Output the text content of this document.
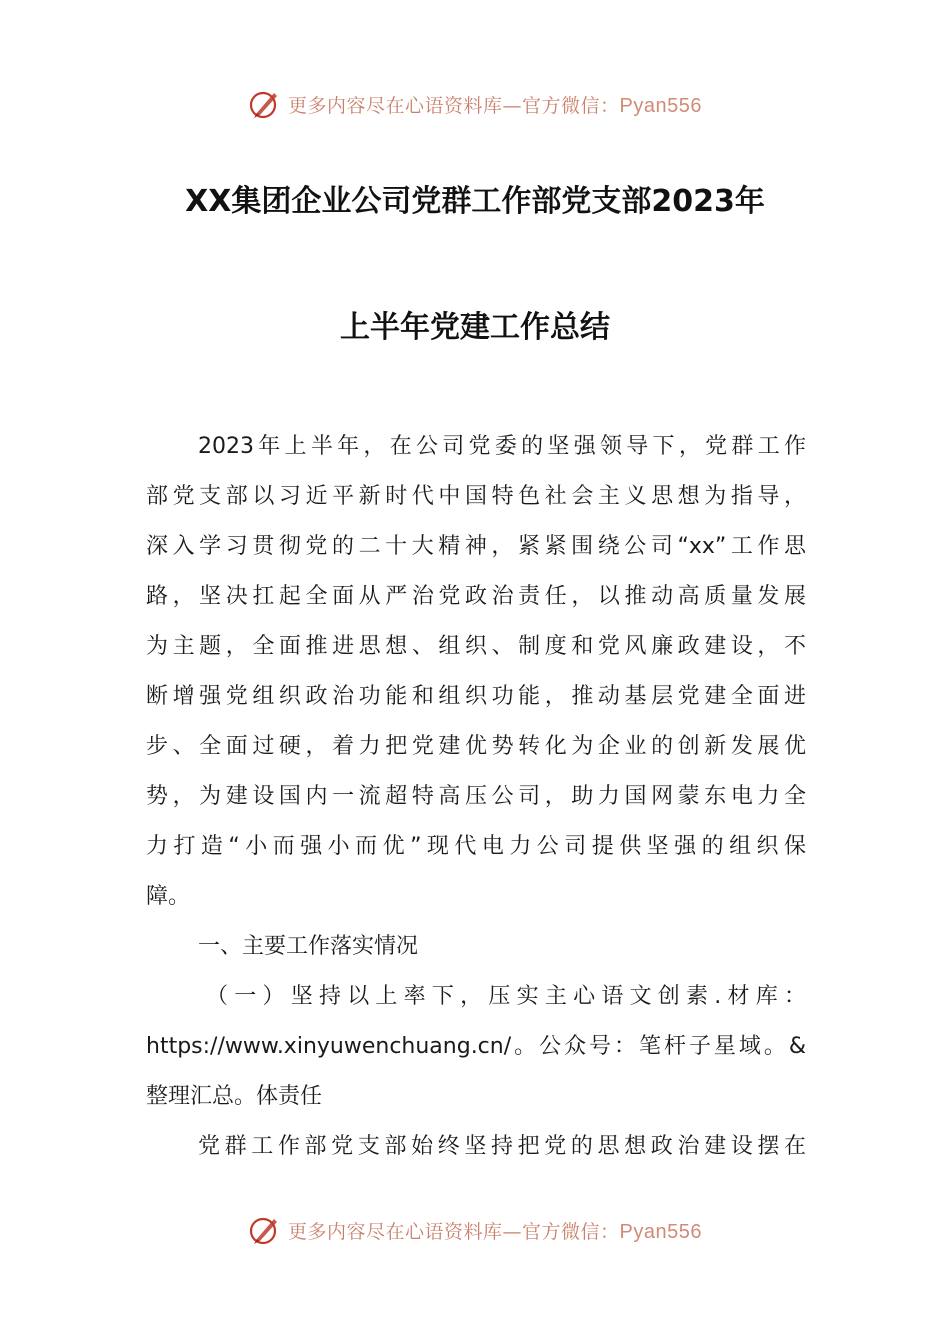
更多内容尽在心语资料库—官方微信：Pyan556
XX集团企业公司党群工作部党支部2023年
上半年党建工作总结
2023年上半年，在公司党委的坚强领导下，党群工作
部党支部以习近平新时代中国特色社会主义思想为指导，
深入学习贯彻党的二十大精神，紧紧围绕公司“xx”工作思
路，坚决扛起全面从严治党政治责任，以推动高质量发展
为主题，全面推进思想、组织、制度和党风廉政建设，不
断增强党组织政治功能和组织功能，推动基层党建全面进
步、全面过硬，着力把党建优势转化为企业的创新发展优
势，为建设国内一流超特高压公司，助力国网蒙东电力全
力打造“小而强小而优”现代电力公司提供坚强的组织保
障。
一、主要工作落实情况
（一）坚持以上率下，压实主心语文创素.材库：
https://www.xinyuwenchuang.cn/。公众号：笔杆子星域。&
整理汇总。体责任
党群工作部党支部始终坚持把党的思想政治建设摆在
更多内容尽在心语资料库—官方微信：Pyan556
